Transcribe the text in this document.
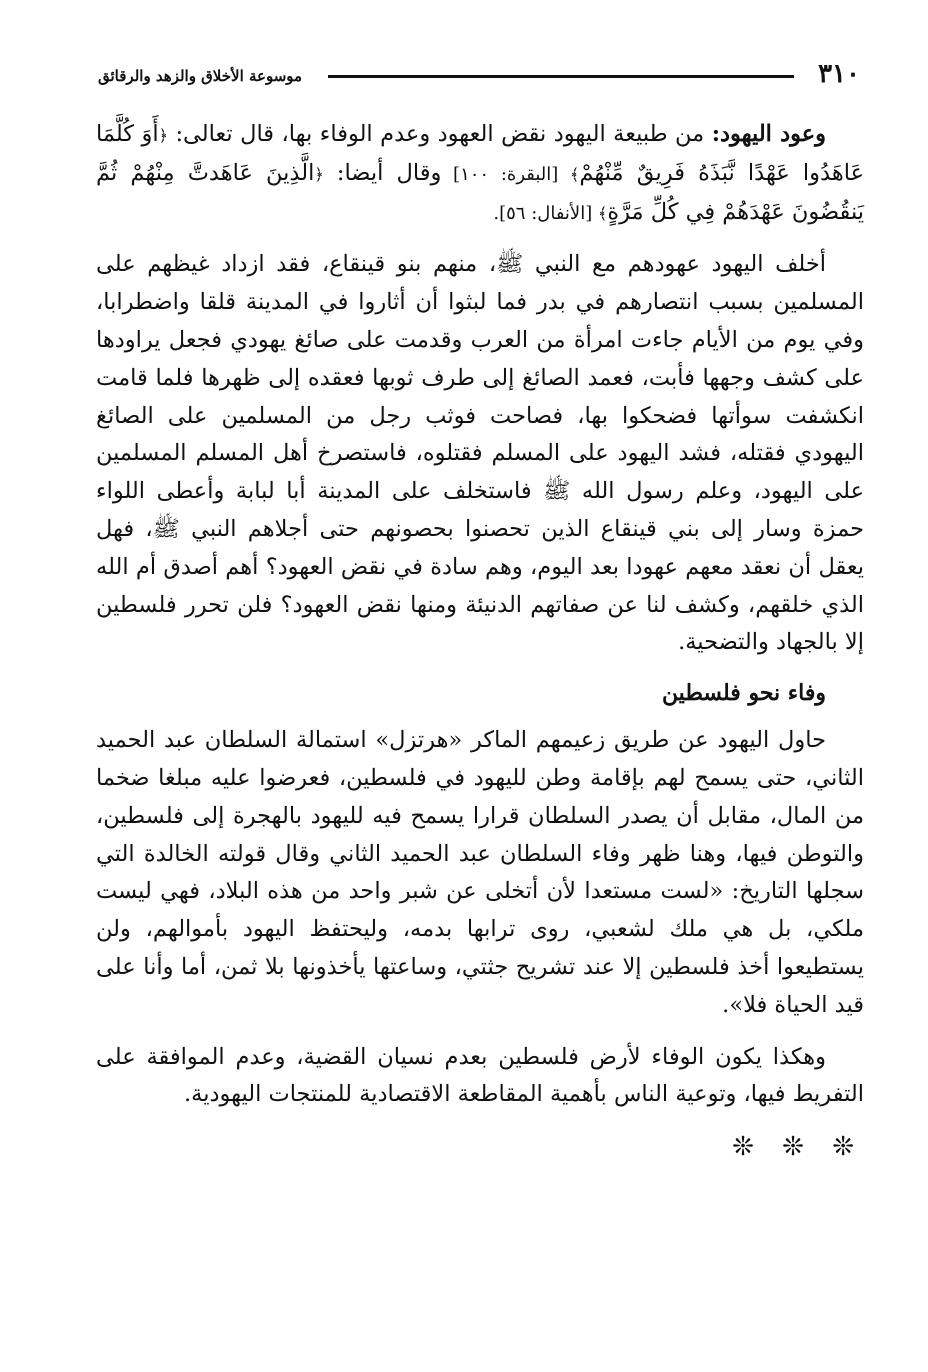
٣١٠
موسوعة الأخلاق والزهد والرقائق

وعود اليهود: من طبيعة اليهود نقض العهود وعدم الوفاء بها، قال تعالى: ﴿أَوَ كُلَّمَا عَاهَدُوا عَهْدًا نَّبَذَهُ فَرِيقٌ مِّنْهُمْ﴾ [البقرة: ١٠٠] وقال أيضا: ﴿الَّذِينَ عَاهَدتَّ مِنْهُمْ ثُمَّ يَنقُضُونَ عَهْدَهُمْ فِي كُلِّ مَرَّةٍ﴾ [الأنفال: ٥٦].

أخلف اليهود عهودهم مع النبي ﷺ، منهم بنو قينقاع، فقد ازداد غيظهم على المسلمين بسبب انتصارهم في بدر فما لبثوا أن أثاروا في المدينة قلقا واضطرابا، وفي يوم من الأيام جاءت امرأة من العرب وقدمت على صائغ يهودي فجعل يراودها على كشف وجهها فأبت، فعمد الصائغ إلى طرف ثوبها فعقده إلى ظهرها فلما قامت انكشفت سوأتها فضحكوا بها، فصاحت فوثب رجل من المسلمين على الصائغ اليهودي فقتله، فشد اليهود على المسلم فقتلوه، فاستصرخ أهل المسلم المسلمين على اليهود، وعلم رسول الله ﷺ فاستخلف على المدينة أبا لبابة وأعطى اللواء حمزة وسار إلى بني قينقاع الذين تحصنوا بحصونهم حتى أجلاهم النبي ﷺ، فهل يعقل أن نعقد معهم عهودا بعد اليوم، وهم سادة في نقض العهود؟ أهم أصدق أم الله الذي خلقهم، وكشف لنا عن صفاتهم الدنيئة ومنها نقض العهود؟ فلن تحرر فلسطين إلا بالجهاد والتضحية.

وفاء نحو فلسطين

حاول اليهود عن طريق زعيمهم الماكر «هرتزل» استمالة السلطان عبد الحميد الثاني، حتى يسمح لهم بإقامة وطن لليهود في فلسطين، فعرضوا عليه مبلغا ضخما من المال، مقابل أن يصدر السلطان قرارا يسمح فيه لليهود بالهجرة إلى فلسطين، والتوطن فيها، وهنا ظهر وفاء السلطان عبد الحميد الثاني وقال قولته الخالدة التي سجلها التاريخ: «لست مستعدا لأن أتخلى عن شبر واحد من هذه البلاد، فهي ليست ملكي، بل هي ملك لشعبي، روى ترابها بدمه، وليحتفظ اليهود بأموالهم، ولن يستطيعوا أخذ فلسطين إلا عند تشريح جثتي، وساعتها يأخذونها بلا ثمن، أما وأنا على قيد الحياة فلا».

وهكذا يكون الوفاء لأرض فلسطين بعدم نسيان القضية، وعدم الموافقة على التفريط فيها، وتوعية الناس بأهمية المقاطعة الاقتصادية للمنتجات اليهودية.

❊ ❊ ❊
